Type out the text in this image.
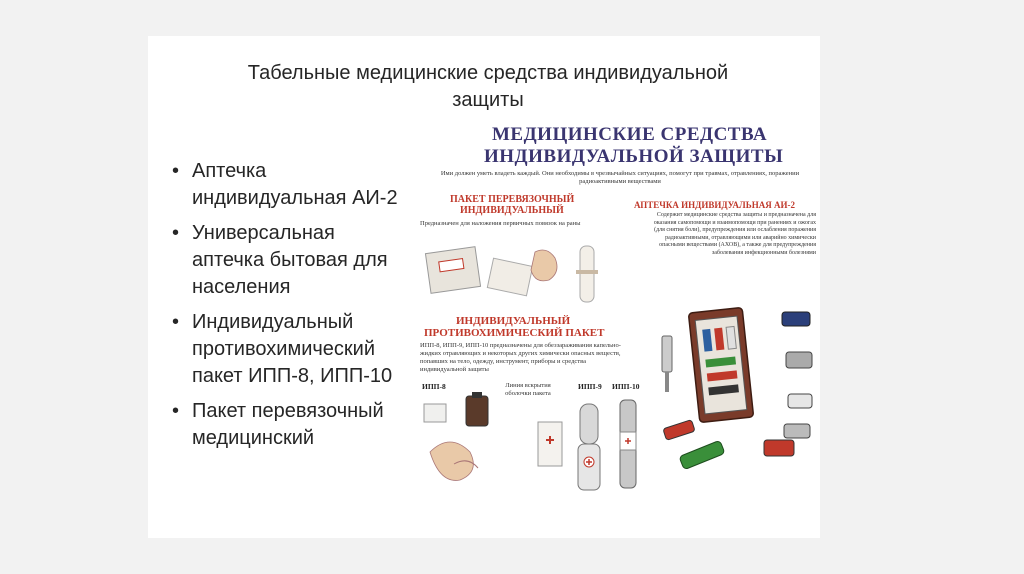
Табельные медицинские средства индивидуальной
защиты
• Аптечка
индивидуальная АИ-2
• Универсальная
аптечка бытовая для
населения
• Индивидуальный
противохимический
пакет ИПП-8, ИПП-10
• Пакет перевязочный
медицинский
МЕДИЦИНСКИЕ СРЕДСТВА
ИНДИВИДУАЛЬНОЙ ЗАЩИТЫ
Ими должен уметь владеть каждый. Они необходимы в чрезвычайных ситуациях, помогут при травмах, отравлениях, поражении радиоактивными веществами
ПАКЕТ ПЕРЕВЯЗОЧНЫЙ
ИНДИВИДУАЛЬНЫЙ
Предназначен для наложения первичных повязок на раны
АПТЕЧКА ИНДИВИДУАЛЬНАЯ АИ-2
Содержит медицинские средства защиты и предназначена для оказания самопомощи и взаимопомощи при ранениях и ожогах (для снятия боли), предупреждения или ослабления поражения радиоактивными, отравляющими или аварийно химически опасными веществами (АХОВ), а также для предупреждения заболевания инфекционными болезнями
ИНДИВИДУАЛЬНЫЙ
ПРОТИВОХИМИЧЕСКИЙ ПАКЕТ
ИПП-8, ИПП-9, ИПП-10 предназначены для обеззараживания капельно-жидких отравляющих и некоторых других химически опасных веществ, попавших на тело, одежду, инструмент, приборы и средства индивидуальной защиты
ИПП-8	Линия вскрытия оболочки пакета
ИПП-9 ИПП-10
